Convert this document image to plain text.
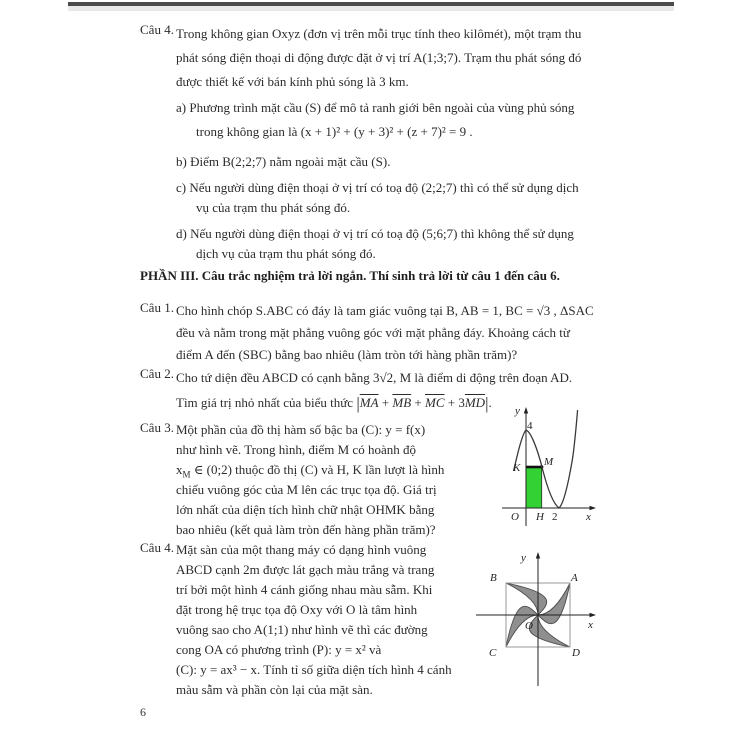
Câu 4. Trong không gian Oxyz (đơn vị trên mỗi trục tính theo kilômét), một trạm thu
phát sóng điện thoại di động được đặt ở vị trí A(1;3;7). Trạm thu phát sóng đó
được thiết kế với bán kính phủ sóng là 3 km.
a) Phương trình mặt cầu (S) để mô tả ranh giới bên ngoài của vùng phủ sóng
trong không gian là (x + 1)² + (y + 3)² + (z + 7)² = 9 .
b) Điểm B(2;2;7) nằm ngoài mặt cầu (S).
c) Nếu người dùng điện thoại ở vị trí có toạ độ (2;2;7) thì có thể sử dụng dịch
vụ của trạm thu phát sóng đó.
d) Nếu người dùng điện thoại ở vị trí có toạ độ (5;6;7) thì không thể sử dụng
dịch vụ của trạm thu phát sóng đó.
PHẦN III. Câu trắc nghiệm trả lời ngắn. Thí sinh trả lời từ câu 1 đến câu 6.
Câu 1. Cho hình chóp S.ABC có đáy là tam giác vuông tại B, AB = 1, BC = √3 , ΔSAC
đều và nằm trong mặt phẳng vuông góc với mặt phẳng đáy. Khoảng cách từ
điểm A đến (SBC) bằng bao nhiêu (làm tròn tới hàng phần trăm)?
Câu 2. Cho tứ diện đều ABCD có cạnh bằng 3√2, M là điểm di động trên đoạn AD.
Tìm giá trị nhỏ nhất của biểu thức $|\overline{MA} + \overline{MB} + \overline{MC} + 3\overline{MD}|$.
Câu 3. Một phần của đồ thị hàm số bậc ba (C): y = f(x)
như hình vẽ. Trong hình, điểm M có hoành độ
$x_M$ ∈ (0;2) thuộc đồ thị (C) và H, K lần lượt là hình
chiếu vuông góc của M lên các trục tọa độ. Giá trị
lớn nhất của diện tích hình chữ nhật OHMK bằng
bao nhiêu (kết quả làm tròn đến hàng phần trăm)?
y
4
K M
O H 2	x
Câu 4. Mặt sàn của một thang máy có dạng hình vuông
ABCD cạnh 2m được lát gạch màu trắng và trang
trí bởi một hình 4 cánh giống nhau màu sẫm. Khi
đặt trong hệ trục tọa độ Oxy với O là tâm hình
vuông sao cho A(1;1) như hình vẽ thì các đường
cong OA có phương trình (P): y = x² và
(C): y = ax³ − x. Tính tỉ số giữa diện tích hình 4 cánh
màu sẫm và phần còn lại của mặt sàn.
y
x
B	A
C	D
O
6
